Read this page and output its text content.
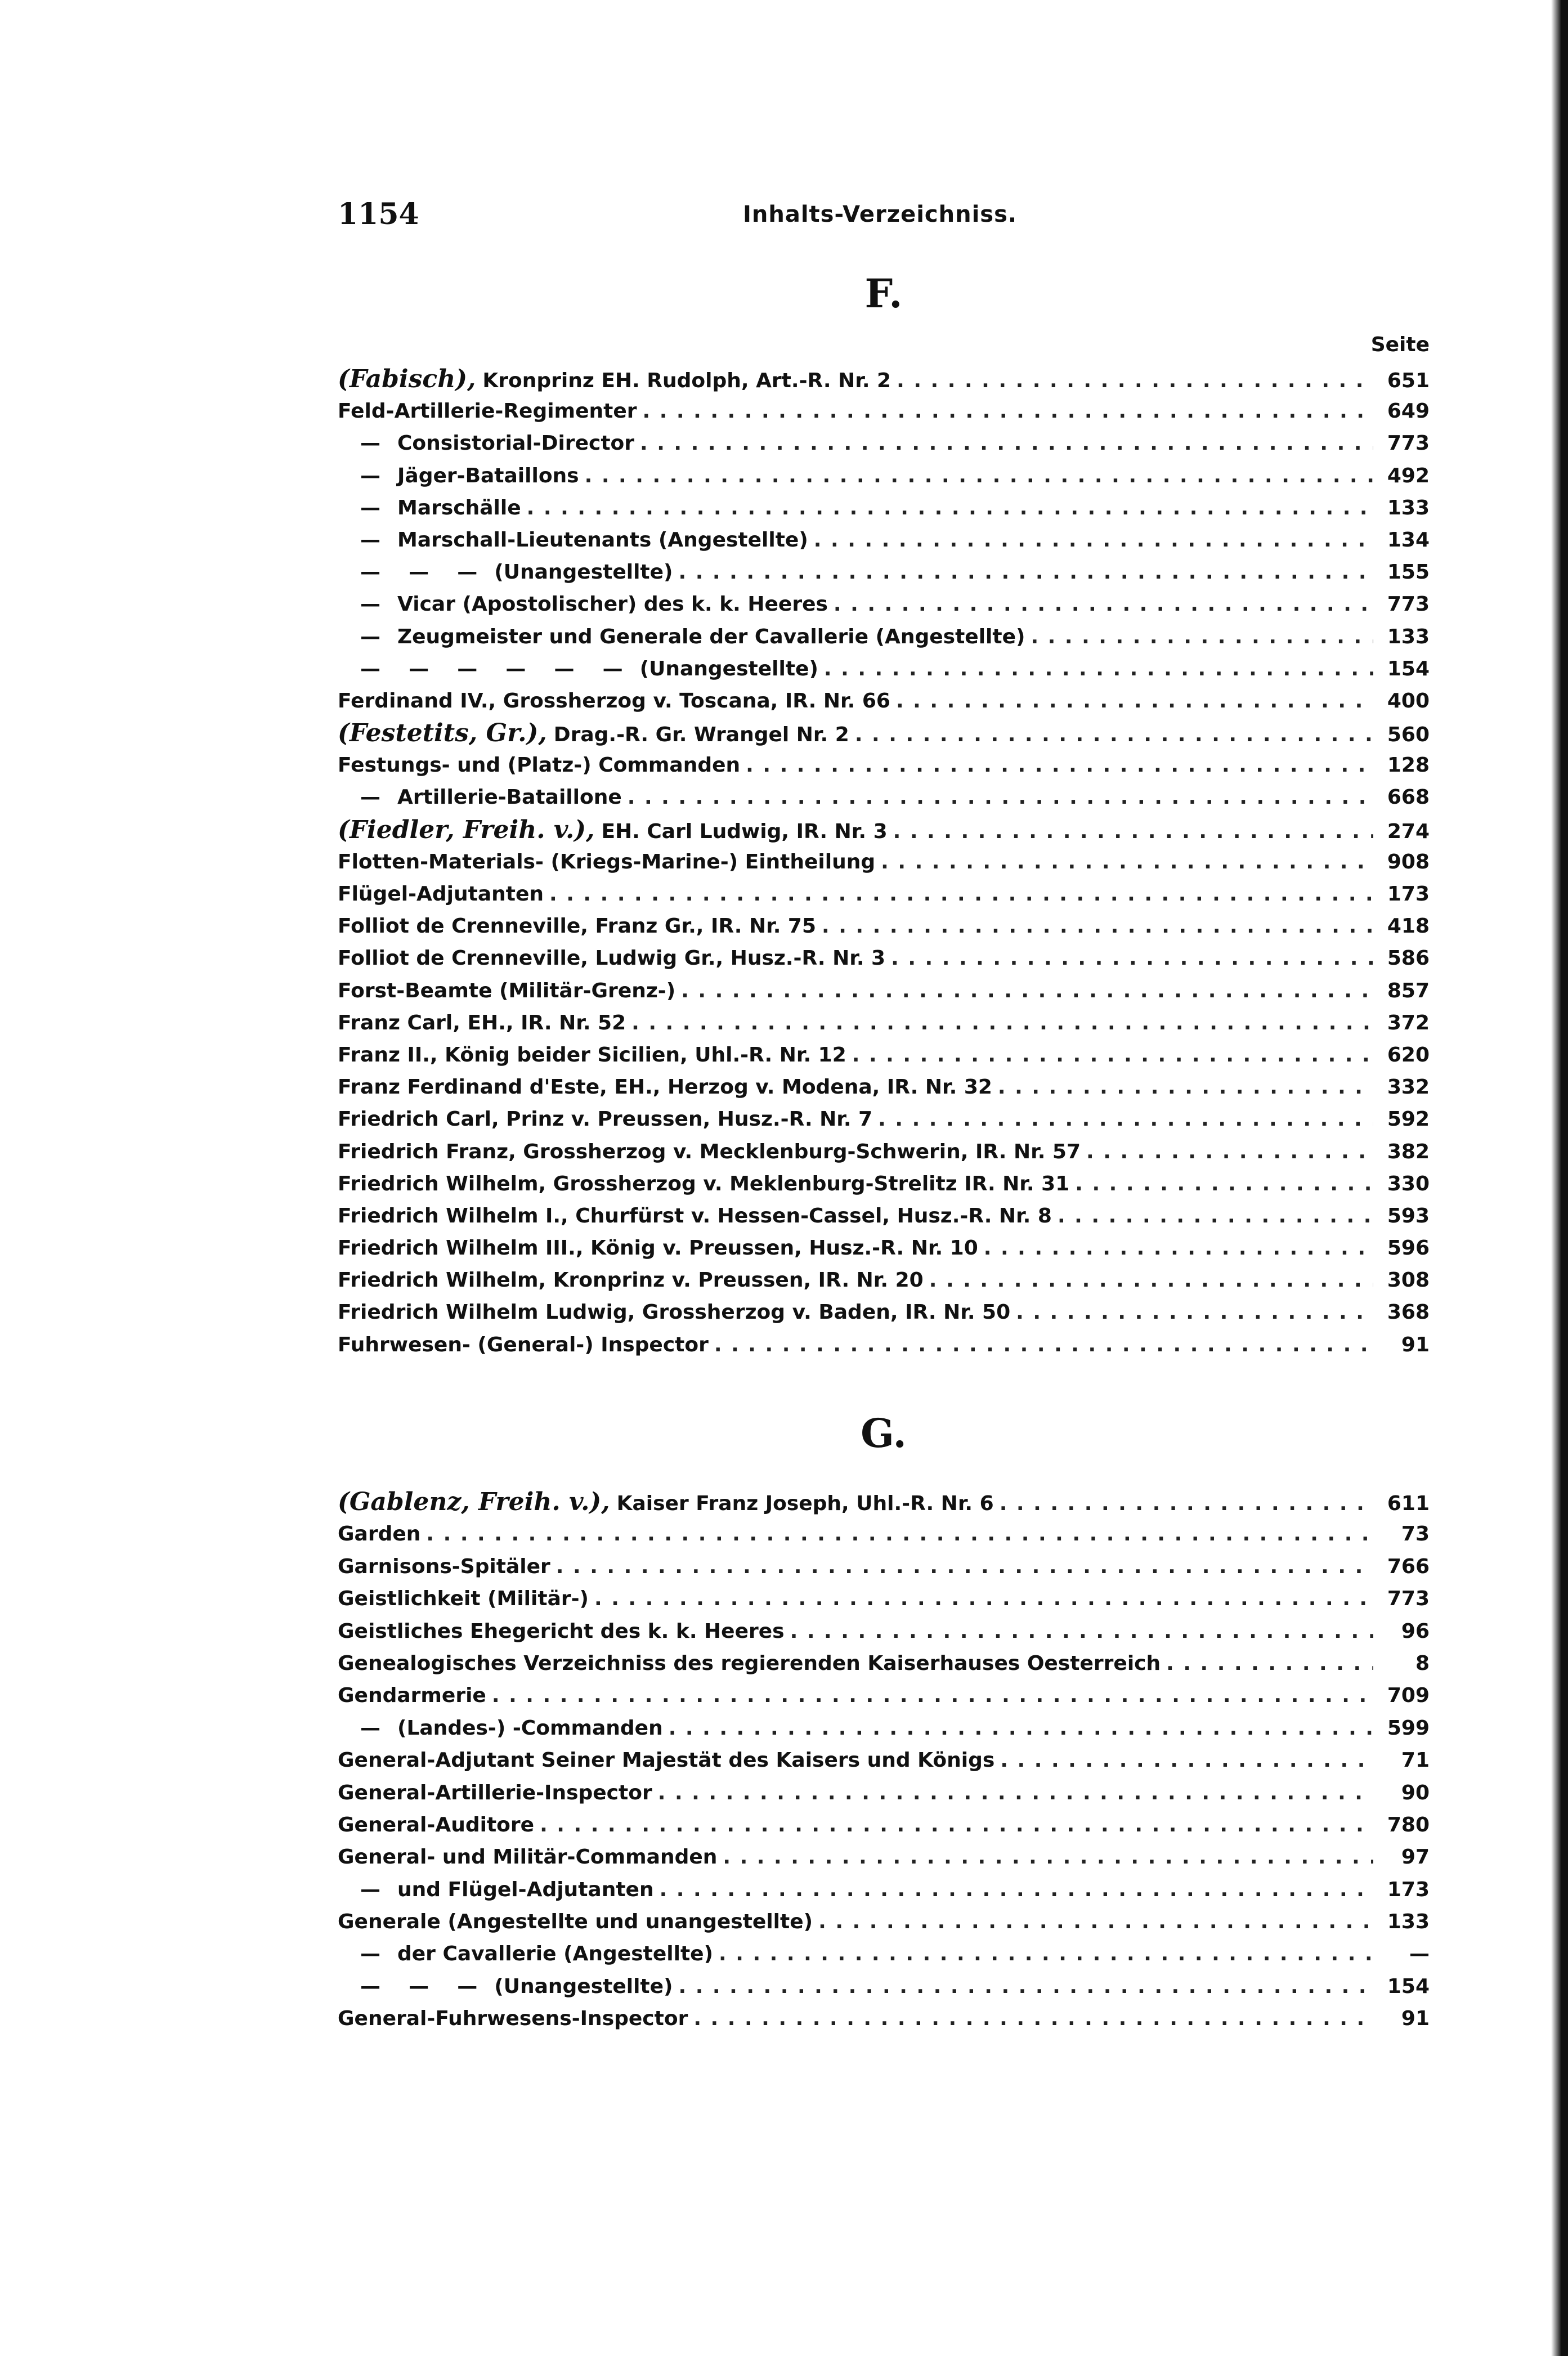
1154	Inhalts-Verzeichniss.
F.
Seite
(Fabisch), Kronprinz EH. Rudolph, Art.-R. Nr. 2 . . .	651
Feld-Artillerie-Regimenter . . .	649
— Consistorial-Director . . .	773
— Jäger-Bataillons . . .	492
— Marschälle . . .	133
— Marschall-Lieutenants (Angestellte) . . .	134
—    —    — (Unangestellte) . . .	155
— Vicar (Apostolischer) des k. k. Heeres . . .	773
— Zeugmeister und Generale der Cavallerie (Angestellte) . . .	133
—    —    —    —    —    — (Unangestellte) . . .	154
Ferdinand IV., Grossherzog v. Toscana, IR. Nr. 66 . . .	400
(Festetits, Gr.), Drag.-R. Gr. Wrangel Nr. 2 . . .	560
Festungs- und (Platz-) Commanden . . .	128
— Artillerie-Bataillone . . .	668
(Fiedler, Freih. v.), EH. Carl Ludwig, IR. Nr. 3 . . .	274
Flotten-Materials- (Kriegs-Marine-) Eintheilung . . .	908
Flügel-Adjutanten . . .	173
Folliot de Crenneville, Franz Gr., IR. Nr. 75 . . .	418
Folliot de Crenneville, Ludwig Gr., Husz.-R. Nr. 3 . . .	586
Forst-Beamte (Militär-Grenz-) . . .	857
Franz Carl, EH., IR. Nr. 52 . . .	372
Franz II., König beider Sicilien, Uhl.-R. Nr. 12 . . .	620
Franz Ferdinand d'Este, EH., Herzog v. Modena, IR. Nr. 32 . . .	332
Friedrich Carl, Prinz v. Preussen, Husz.-R. Nr. 7 . . .	592
Friedrich Franz, Grossherzog v. Mecklenburg-Schwerin, IR. Nr. 57 . . .	382
Friedrich Wilhelm, Grossherzog v. Meklenburg-Strelitz IR. Nr. 31 . . .	330
Friedrich Wilhelm I., Churfürst v. Hessen-Cassel, Husz.-R. Nr. 8 . . .	593
Friedrich Wilhelm III., König v. Preussen, Husz.-R. Nr. 10 . . .	596
Friedrich Wilhelm, Kronprinz v. Preussen, IR. Nr. 20 . . .	308
Friedrich Wilhelm Ludwig, Grossherzog v. Baden, IR. Nr. 50 . . .	368
Fuhrwesen- (General-) Inspector . . .	91
G.
(Gablenz, Freih. v.), Kaiser Franz Joseph, Uhl.-R. Nr. 6 . . .	611
Garden . . .	73
Garnisons-Spitäler . . .	766
Geistlichkeit (Militär-) . . .	773
Geistliches Ehegericht des k. k. Heeres . . .	96
Genealogisches Verzeichniss des regierenden Kaiserhauses Oesterreich . . .	8
Gendarmerie . . .	709
— (Landes-) -Commanden . . .	599
General-Adjutant Seiner Majestät des Kaisers und Königs . . .	71
General-Artillerie-Inspector . . .	90
General-Auditore . . .	780
General- und Militär-Commanden . . .	97
— und Flügel-Adjutanten . . .	173
Generale (Angestellte und unangestellte) . . .	133
— der Cavallerie (Angestellte) . . .	—
—    —    — (Unangestellte) . . .	154
General-Fuhrwesens-Inspector . . .	91
